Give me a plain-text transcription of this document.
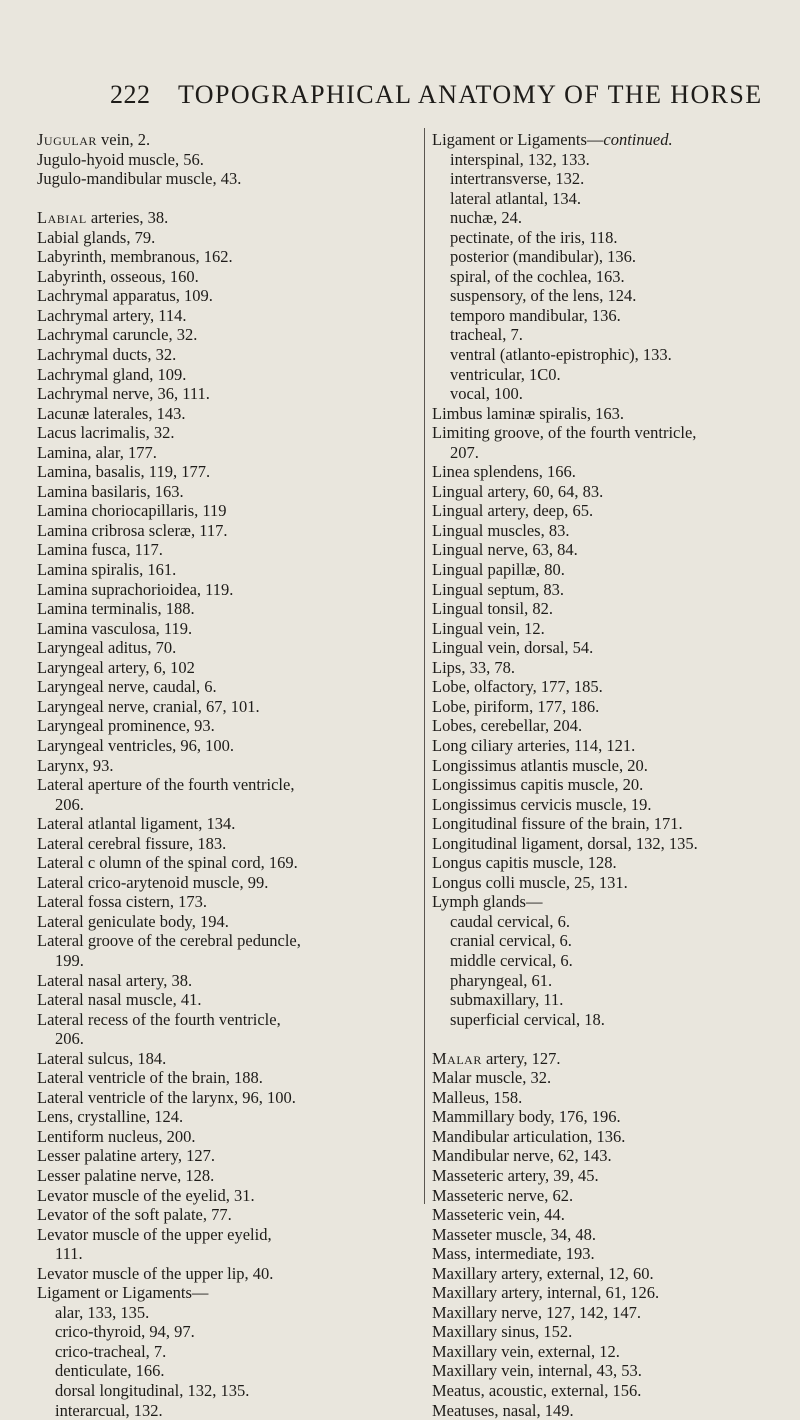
222 TOPOGRAPHICAL ANATOMY OF THE HORSE
Jugular vein, 2.
Jugulo-hyoid muscle, 56.
Jugulo-mandibular muscle, 43.
Labial arteries, 38.
Labial glands, 79.
Labyrinth, membranous, 162.
Labyrinth, osseous, 160.
Lachrymal apparatus, 109.
Lachrymal artery, 114.
Lachrymal caruncle, 32.
Lachrymal ducts, 32.
Lachrymal gland, 109.
Lachrymal nerve, 36, 111.
Lacunæ laterales, 143.
Lacus lacrimalis, 32.
Lamina, alar, 177.
Lamina, basalis, 119, 177.
Lamina basilaris, 163.
Lamina choriocapillaris, 119
Lamina cribrosa scleræ, 117.
Lamina fusca, 117.
Lamina spiralis, 161.
Lamina suprachorioidea, 119.
Lamina terminalis, 188.
Lamina vasculosa, 119.
Laryngeal aditus, 70.
Laryngeal artery, 6, 102
Laryngeal nerve, caudal, 6.
Laryngeal nerve, cranial, 67, 101.
Laryngeal prominence, 93.
Laryngeal ventricles, 96, 100.
Larynx, 93.
Lateral aperture of the fourth ventricle,
206.
Lateral atlantal ligament, 134.
Lateral cerebral fissure, 183.
Lateral c olumn of the spinal cord, 169.
Lateral crico-arytenoid muscle, 99.
Lateral fossa cistern, 173.
Lateral geniculate body, 194.
Lateral groove of the cerebral peduncle,
199.
Lateral nasal artery, 38.
Lateral nasal muscle, 41.
Lateral recess of the fourth ventricle,
206.
Lateral sulcus, 184.
Lateral ventricle of the brain, 188.
Lateral ventricle of the larynx, 96, 100.
Lens, crystalline, 124.
Lentiform nucleus, 200.
Lesser palatine artery, 127.
Lesser palatine nerve, 128.
Levator muscle of the eyelid, 31.
Levator of the soft palate, 77.
Levator muscle of the upper eyelid,
111.
Levator muscle of the upper lip, 40.
Ligament or Ligaments—
alar, 133, 135.
crico-thyroid, 94, 97.
crico-tracheal, 7.
denticulate, 166.
dorsal longitudinal, 132, 135.
interarcual, 132.
Ligament or Ligaments—continued.
interspinal, 132, 133.
intertransverse, 132.
lateral atlantal, 134.
nuchæ, 24.
pectinate, of the iris, 118.
posterior (mandibular), 136.
spiral, of the cochlea, 163.
suspensory, of the lens, 124.
temporo mandibular, 136.
tracheal, 7.
ventral (atlanto-epistrophic), 133.
ventricular, 1C0.
vocal, 100.
Limbus laminæ spiralis, 163.
Limiting groove, of the fourth ventricle,
207.
Linea splendens, 166.
Lingual artery, 60, 64, 83.
Lingual artery, deep, 65.
Lingual muscles, 83.
Lingual nerve, 63, 84.
Lingual papillæ, 80.
Lingual septum, 83.
Lingual tonsil, 82.
Lingual vein, 12.
Lingual vein, dorsal, 54.
Lips, 33, 78.
Lobe, olfactory, 177, 185.
Lobe, piriform, 177, 186.
Lobes, cerebellar, 204.
Long ciliary arteries, 114, 121.
Longissimus atlantis muscle, 20.
Longissimus capitis muscle, 20.
Longissimus cervicis muscle, 19.
Longitudinal fissure of the brain, 171.
Longitudinal ligament, dorsal, 132, 135.
Longus capitis muscle, 128.
Longus colli muscle, 25, 131.
Lymph glands—
caudal cervical, 6.
cranial cervical, 6.
middle cervical, 6.
pharyngeal, 61.
submaxillary, 11.
superficial cervical, 18.
Malar artery, 127.
Malar muscle, 32.
Malleus, 158.
Mammillary body, 176, 196.
Mandibular articulation, 136.
Mandibular nerve, 62, 143.
Masseteric artery, 39, 45.
Masseteric nerve, 62.
Masseteric vein, 44.
Masseter muscle, 34, 48.
Mass, intermediate, 193.
Maxillary artery, external, 12, 60.
Maxillary artery, internal, 61, 126.
Maxillary nerve, 127, 142, 147.
Maxillary sinus, 152.
Maxillary vein, external, 12.
Maxillary vein, internal, 43, 53.
Meatus, acoustic, external, 156.
Meatuses, nasal, 149.
